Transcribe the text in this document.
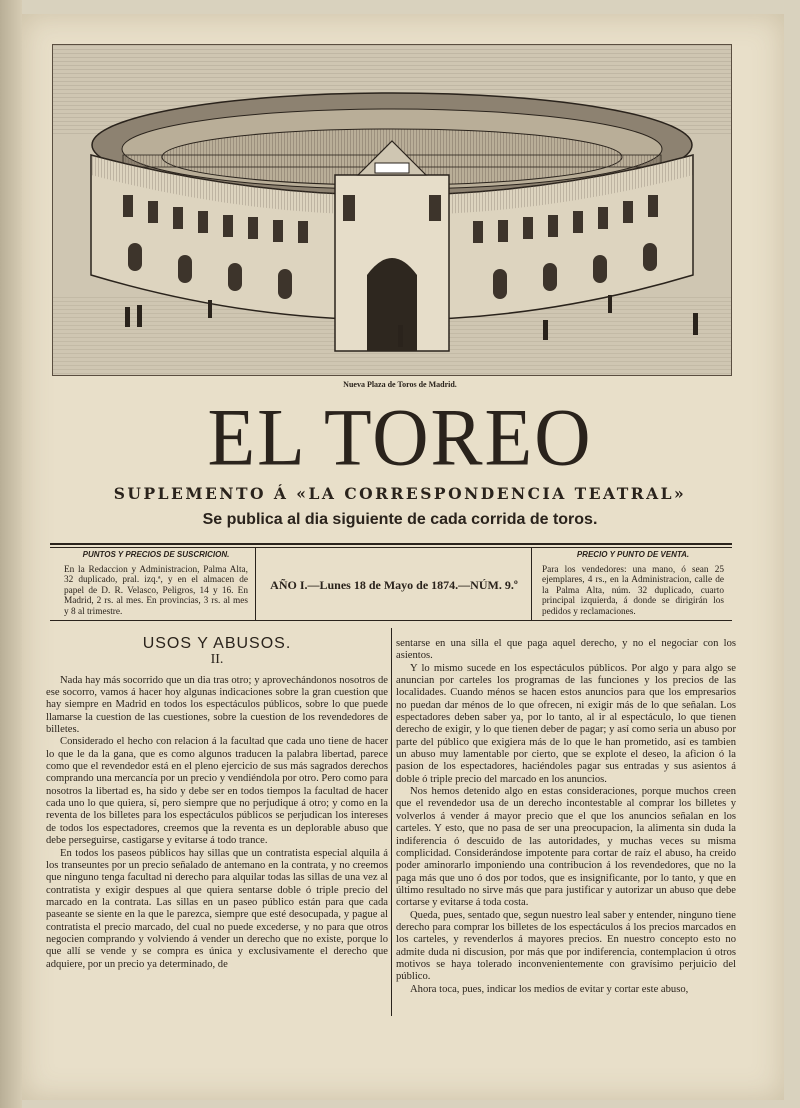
Nueva Plaza de Toros de Madrid.
EL TOREO
SUPLEMENTO Á «LA CORRESPONDENCIA TEATRAL»
Se publica al dia siguiente de cada corrida de toros.
PUNTOS Y PRECIOS DE SUSCRICION.

En la Redaccion y Administracion, Palma Alta, 32 duplicado, pral. izq.ª, y en el almacen de papel de D. R. Velasco, Peligros, 14 y 16. En Madrid, 2 rs. al mes. En provincias, 3 rs. al mes y 8 al trimestre.

AÑO I.—Lunes 18 de Mayo de 1874.—NÚM. 9.º
PRECIO Y PUNTO DE VENTA.

Para los vendedores: una mano, ó sean 25 ejemplares, 4 rs., en la Administracion, calle de la Palma Alta, núm. 32 duplicado, cuarto principal izquierda, á donde se dirigirán los pedidos y reclamaciones.

USOS Y ABUSOS.
II.

Nada hay más socorrido que un dia tras otro; y aprovechándonos nosotros de ese socorro, vamos á hacer hoy algunas indicaciones sobre la gran cuestion que hay siempre en Madrid en todos los espectáculos públicos, sobre lo que puede llamarse la cuestion de las cuestiones, sobre la cuestion de los revendedores de billetes.

Considerado el hecho con relacion á la facultad que cada uno tiene de hacer lo que le da la gana, que es como algunos traducen la palabra libertad, parece como que el revendedor está en el pleno ejercicio de sus más sagrados derechos comprando una mercancía por un precio y vendiéndola por otro. Pero como para nosotros la libertad es, ha sido y debe ser en todos tiempos la facultad de hacer cada uno lo que quiera, sí, pero siempre que no perjudique á otro; y como en la reventa de los billetes para los espectáculos públicos se perjudican los intereses de todos los espectadores, creemos que la reventa es un deplorable abuso que debe perseguirse, castigarse y evitarse á todo trance.

En todos los paseos públicos hay sillas que un contratista especial alquila á los transeuntes por un precio señalado de antemano en la contrata, y no creemos que ninguno tenga facultad ni derecho para alquilar todas las sillas de una vez al contratista y exigir despues al que quiera sentarse doble ó triple precio del marcado en la contrata. Las sillas en un paseo público están para que cada paseante se siente en la que le parezca, siempre que esté desocupada, y pague al contratista el precio marcado, del cual no puede excederse, y no para que otros negocien comprando y volviendo á vender un derecho que no existe, porque lo que allí se vende y se compra es única y exclusivamente el derecho que adquiere, por un precio ya determinado, de

sentarse en una silla el que paga aquel derecho, y no el negociar con los asientos.

Y lo mismo sucede en los espectáculos públicos. Por algo y para algo se anuncian por carteles los programas de las funciones y los precios de las localidades. Cuando ménos se hacen estos anuncios para que los empresarios no puedan dar ménos de lo que ofrecen, ni exigir más de lo que señalan. Los espectadores deben saber ya, por lo tanto, al ir al espectáculo, lo que tienen derecho de exigir, y lo que tienen deber de pagar; y así como seria un abuso por parte del público que exigiera más de lo que le han prometido, así es tambien un abuso muy lamentable por cierto, que se explote el deseo, la aficion ó la pasion de los espectadores, haciéndoles pagar sus entradas y sus asientos á doble ó triple precio del marcado en los anuncios.

Nos hemos detenido algo en estas consideraciones, porque muchos creen que el revendedor usa de un derecho incontestable al comprar los billetes y volverlos á vender á mayor precio que el que los anuncios señalan en los carteles. Y esto, que no pasa de ser una preocupacion, la alimenta sin duda la indiferencia ó descuido de las autoridades, y muchas veces su misma complicidad. Considerándose impotente para cortar de raíz el abuso, ha creido poder aminorarlo imponiendo una contribucion á los revendedores, que no la paga más que uno ó dos por todos, que es insignificante, por lo tanto, y que en último resultado no sirve más que para justificar y autorizar un abuso que debe cortarse y evitarse á toda costa.

Queda, pues, sentado que, segun nuestro leal saber y entender, ninguno tiene derecho para comprar los billetes de los espectáculos á los precios marcados en los carteles, y revenderlos á mayores precios. En nuestro concepto esto no admite duda ni discusion, por más que por indiferencia, contemplacion ú otros motivos se haya tolerado inconvenientemente con gravísimo perjuicio del público.

Ahora toca, pues, indicar los medios de evitar y cortar este abuso,
